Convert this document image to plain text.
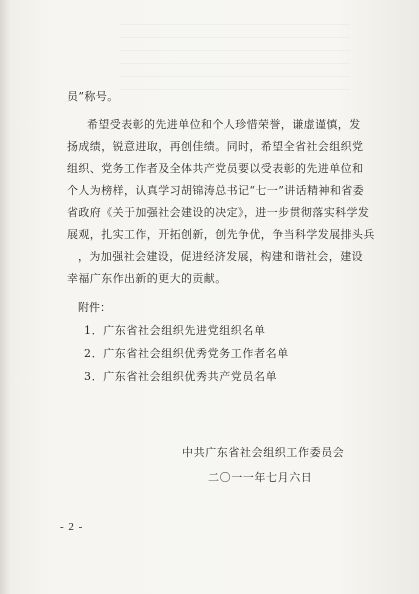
员”称号。
希望受表彰的先进单位和个人珍惜荣誉，谦虚谨慎，发
扬成绩，锐意进取，再创佳绩。同时，希望全省社会组织党
组织、党务工作者及全体共产党员要以受表彰的先进单位和
个人为榜样，认真学习胡锦涛总书记“七一”讲话精神和省委
省政府《关于加强社会建设的决定》，进一步贯彻落实科学发
展观，扎实工作，开拓创新，创先争优，争当科学发展排头兵
，为加强社会建设，促进经济发展，构建和谐社会，建设
幸福广东作出新的更大的贡献。
附件：
1．广东省社会组织先进党组织名单
2．广东省社会组织优秀党务工作者名单
3．广东省社会组织优秀共产党员名单
中共广东省社会组织工作委员会
二〇一一年七月六日
- 2 -
